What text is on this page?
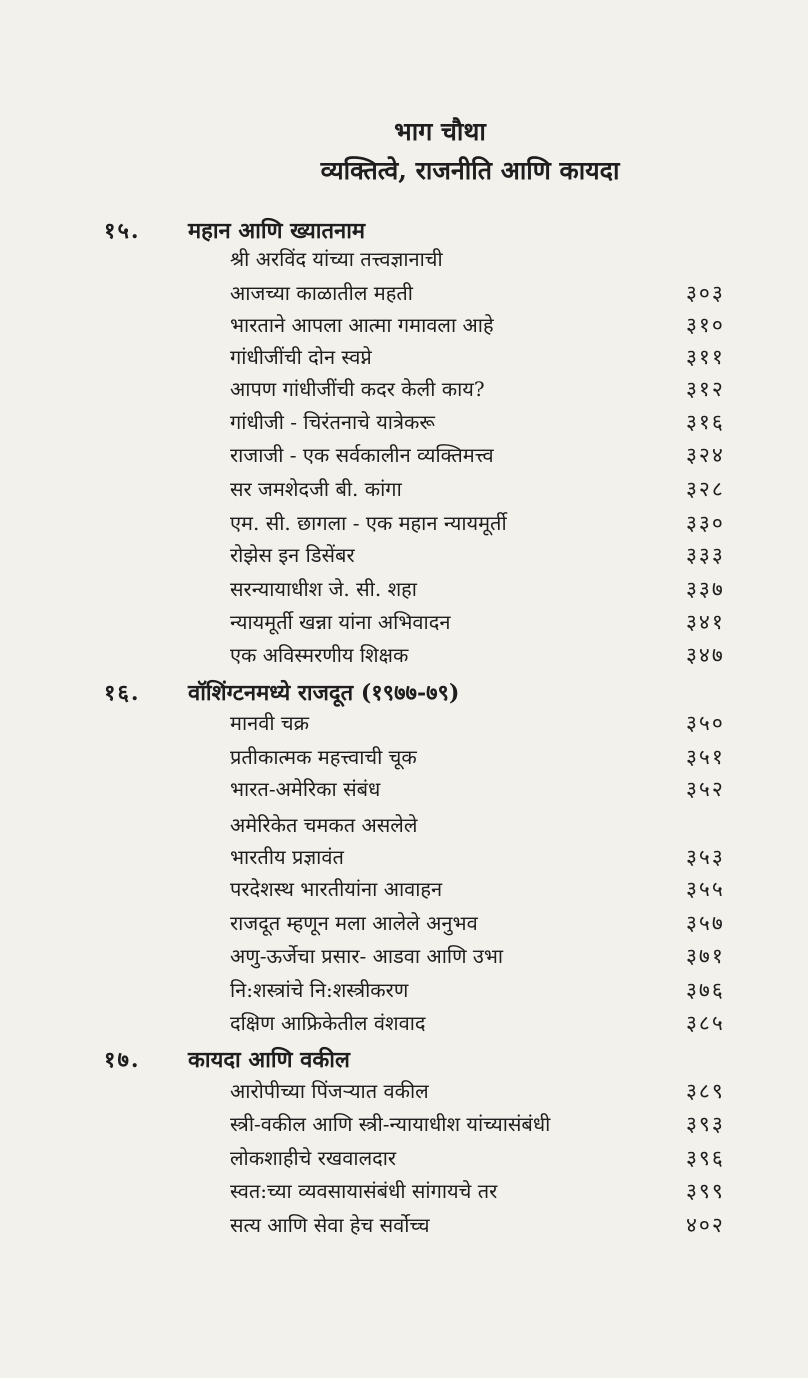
भाग चौथा
व्यक्तित्वे, राजनीति आणि कायदा
१५. महान आणि ख्यातनाम
श्री अरविंद यांच्या तत्त्वज्ञानाची
आजच्या काळातील महती	३०३
भारताने आपला आत्मा गमावला आहे	३१०
गांधीजींची दोन स्वप्ने	३११
आपण गांधीजींची कदर केली काय?	३१२
गांधीजी - चिरंतनाचे यात्रेकरू	३१६
राजाजी - एक सर्वकालीन व्यक्तिमत्त्व	३२४
सर जमशेदजी बी. कांगा	३२८
एम. सी. छागला - एक महान न्यायमूर्ती	३३०
रोझेस इन डिसेंबर	३३३
सरन्यायाधीश जे. सी. शहा	३३७
न्यायमूर्ती खन्ना यांना अभिवादन	३४१
एक अविस्मरणीय शिक्षक	३४७
१६. वॉशिंग्टनमध्ये राजदूत (१९७७-७९)
मानवी चक्र	३५०
प्रतीकात्मक महत्त्वाची चूक	३५१
भारत-अमेरिका संबंध	३५२
अमेरिकेत चमकत असलेले
भारतीय प्रज्ञावंत	३५३
परदेशस्थ भारतीयांना आवाहन	३५५
राजदूत म्हणून मला आलेले अनुभव	३५७
अणु-ऊर्जेचा प्रसार- आडवा आणि उभा	३७१
नि:शस्त्रांचे नि:शस्त्रीकरण	३७६
दक्षिण आफ्रिकेतील वंशवाद	३८५
१७. कायदा आणि वकील
आरोपीच्या पिंजऱ्यात वकील	३८९
स्त्री-वकील आणि स्त्री-न्यायाधीश यांच्यासंबंधी	३९३
लोकशाहीचे रखवालदार	३९६
स्वत:च्या व्यवसायासंबंधी सांगायचे तर	३९९
सत्य आणि सेवा हेच सर्वोच्च	४०२
